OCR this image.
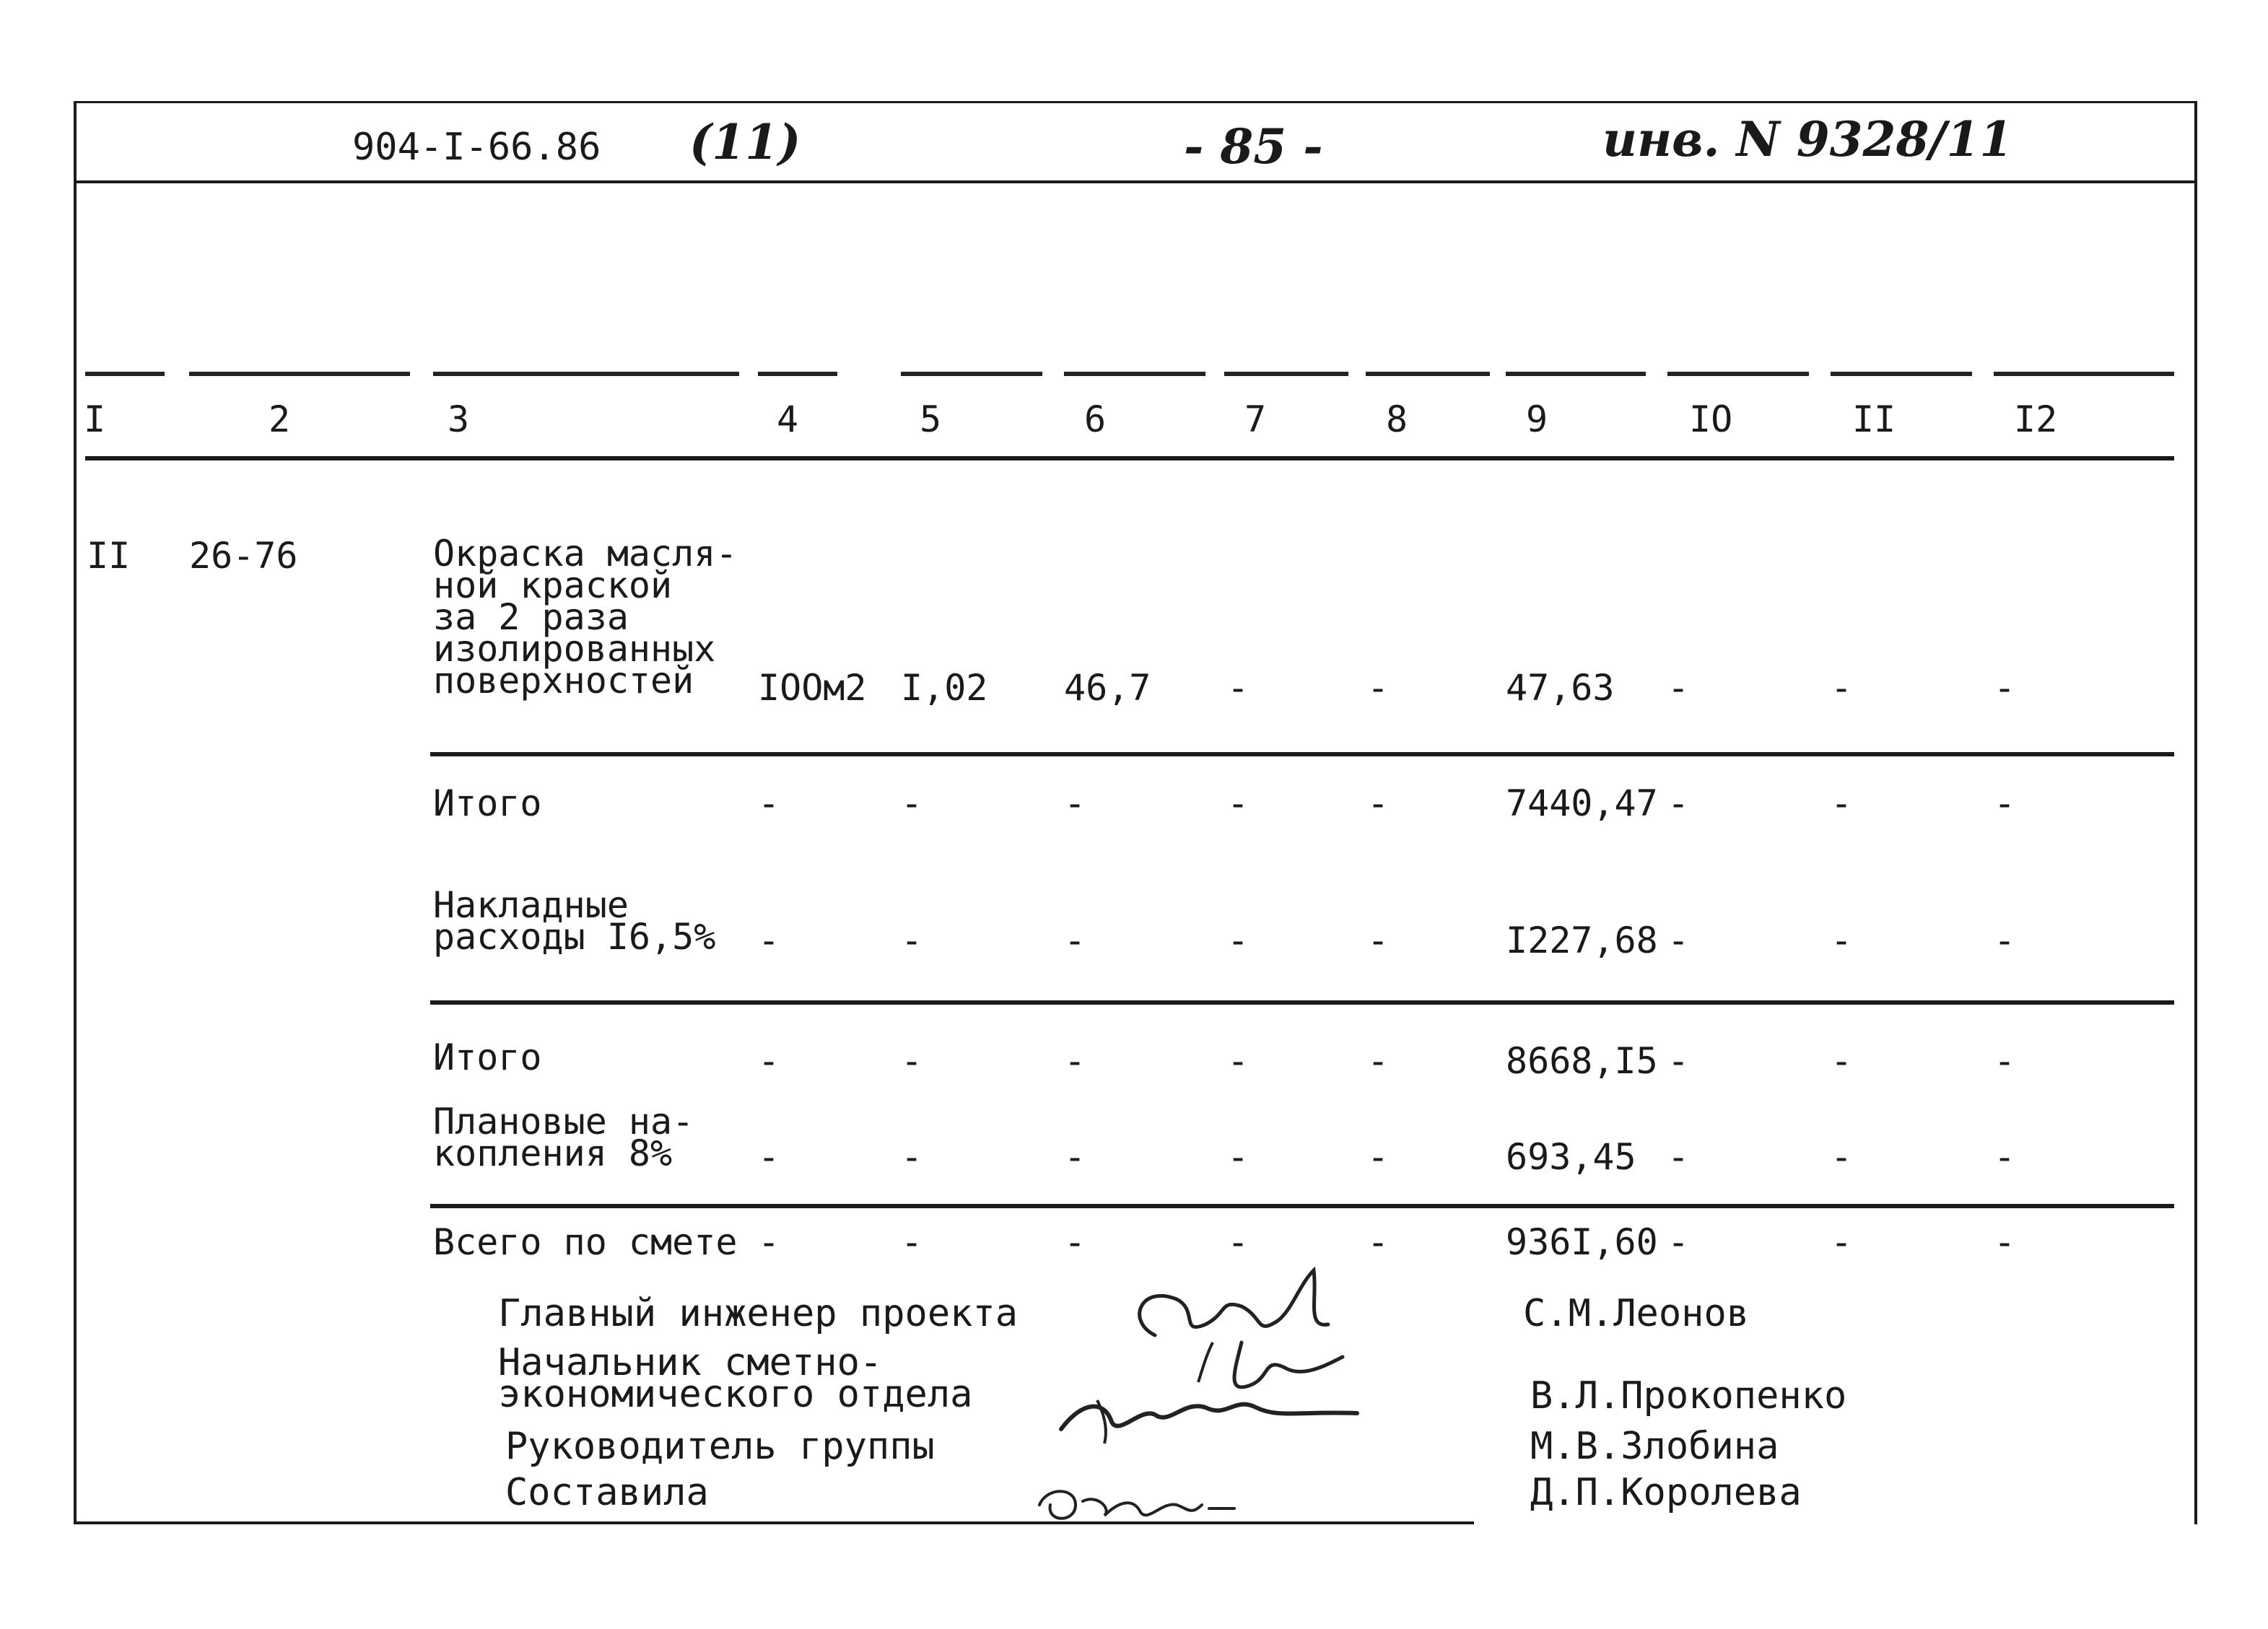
904-I-66.86 (11)	- 85 -	инв. N 9328/11
I	2	3	4	5	6	7	8	9	IO	II	I2
II 26-76	Окраска масля-
ной краской
за 2 раза
изолированных
поверхностей	IOOм2 I,02 46,7 -	-	47,63 -	-	-
Итого	-	-	-	-	-	7440,47 -	-	-
Накладные
расходы I6,5% -	-	-	-	-	I227,68 -	-	-
Итого	-	-	-	-	-	8668,I5 -	-	-
Плановые на-
копления 8%	-	-	-	-	-	693,45 -	-	-
Всего по смете -	-	-	-	-	936I,60 -	-	-
Главный инженер проекта	С.М.Леонов
Начальник сметно-
экономического отдела	В.Л.Прокопенко
Руководитель группы	М.В.Злобина
Составила	Д.П.Королева
